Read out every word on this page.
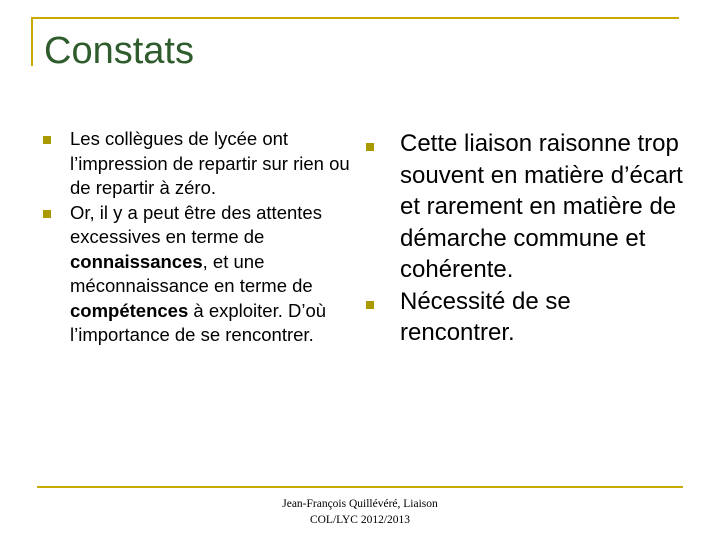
Constats
Les collègues de lycée ont l’impression de repartir sur rien ou de repartir à zéro.
Or, il y a peut être des attentes excessives en terme de connaissances, et une méconnaissance en terme de compétences à exploiter. D’où l’importance de se rencontrer.
Cette liaison raisonne trop souvent en matière d’écart et rarement en matière de démarche commune et cohérente.
Nécessité de se rencontrer.
Jean-François Quillévéré, Liaison
COL/LYC 2012/2013
